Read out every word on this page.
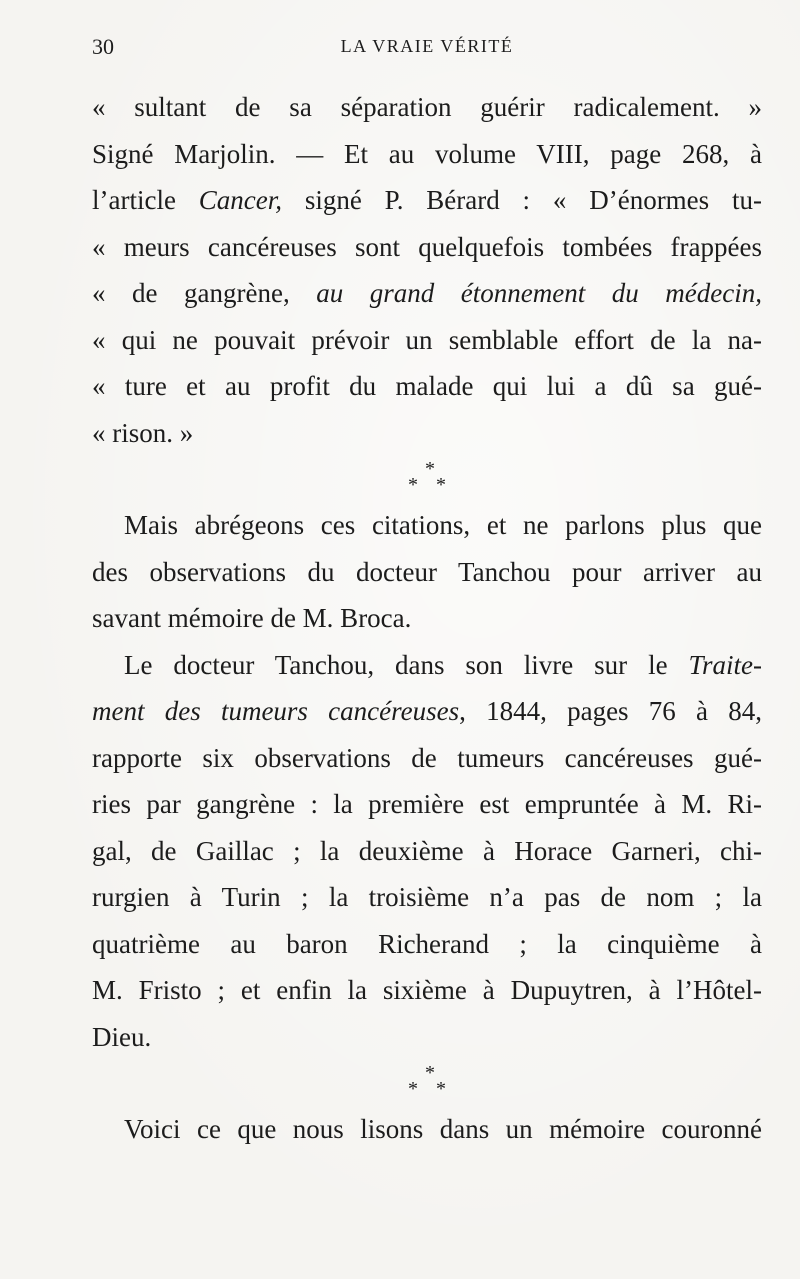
30	LA VRAIE VÉRITÉ
« sultant de sa séparation guérir radicalement. »
Signé Marjolin. — Et au volume VIII, page 268, à
l’article Cancer, signé P. Bérard : « D’énormes tu-
« meurs cancéreuses sont quelquefois tombées frappées
« de gangrène, au grand étonnement du médecin,
« qui ne pouvait prévoir un semblable effort de la na-
« ture et au profit du malade qui lui a dû sa gué-
« rison. »
*
* *
Mais abrégeons ces citations, et ne parlons plus que
des observations du docteur Tanchou pour arriver au
savant mémoire de M. Broca.
Le docteur Tanchou, dans son livre sur le Traite-
ment des tumeurs cancéreuses, 1844, pages 76 à 84,
rapporte six observations de tumeurs cancéreuses gué-
ries par gangrène : la première est empruntée à M. Ri-
gal, de Gaillac ; la deuxième à Horace Garneri, chi-
rurgien à Turin ; la troisième n’a pas de nom ; la
quatrième au baron Richerand ; la cinquième à
M. Fristo ; et enfin la sixième à Dupuytren, à l’Hôtel-
Dieu.
*
* *
Voici ce que nous lisons dans un mémoire couronné
